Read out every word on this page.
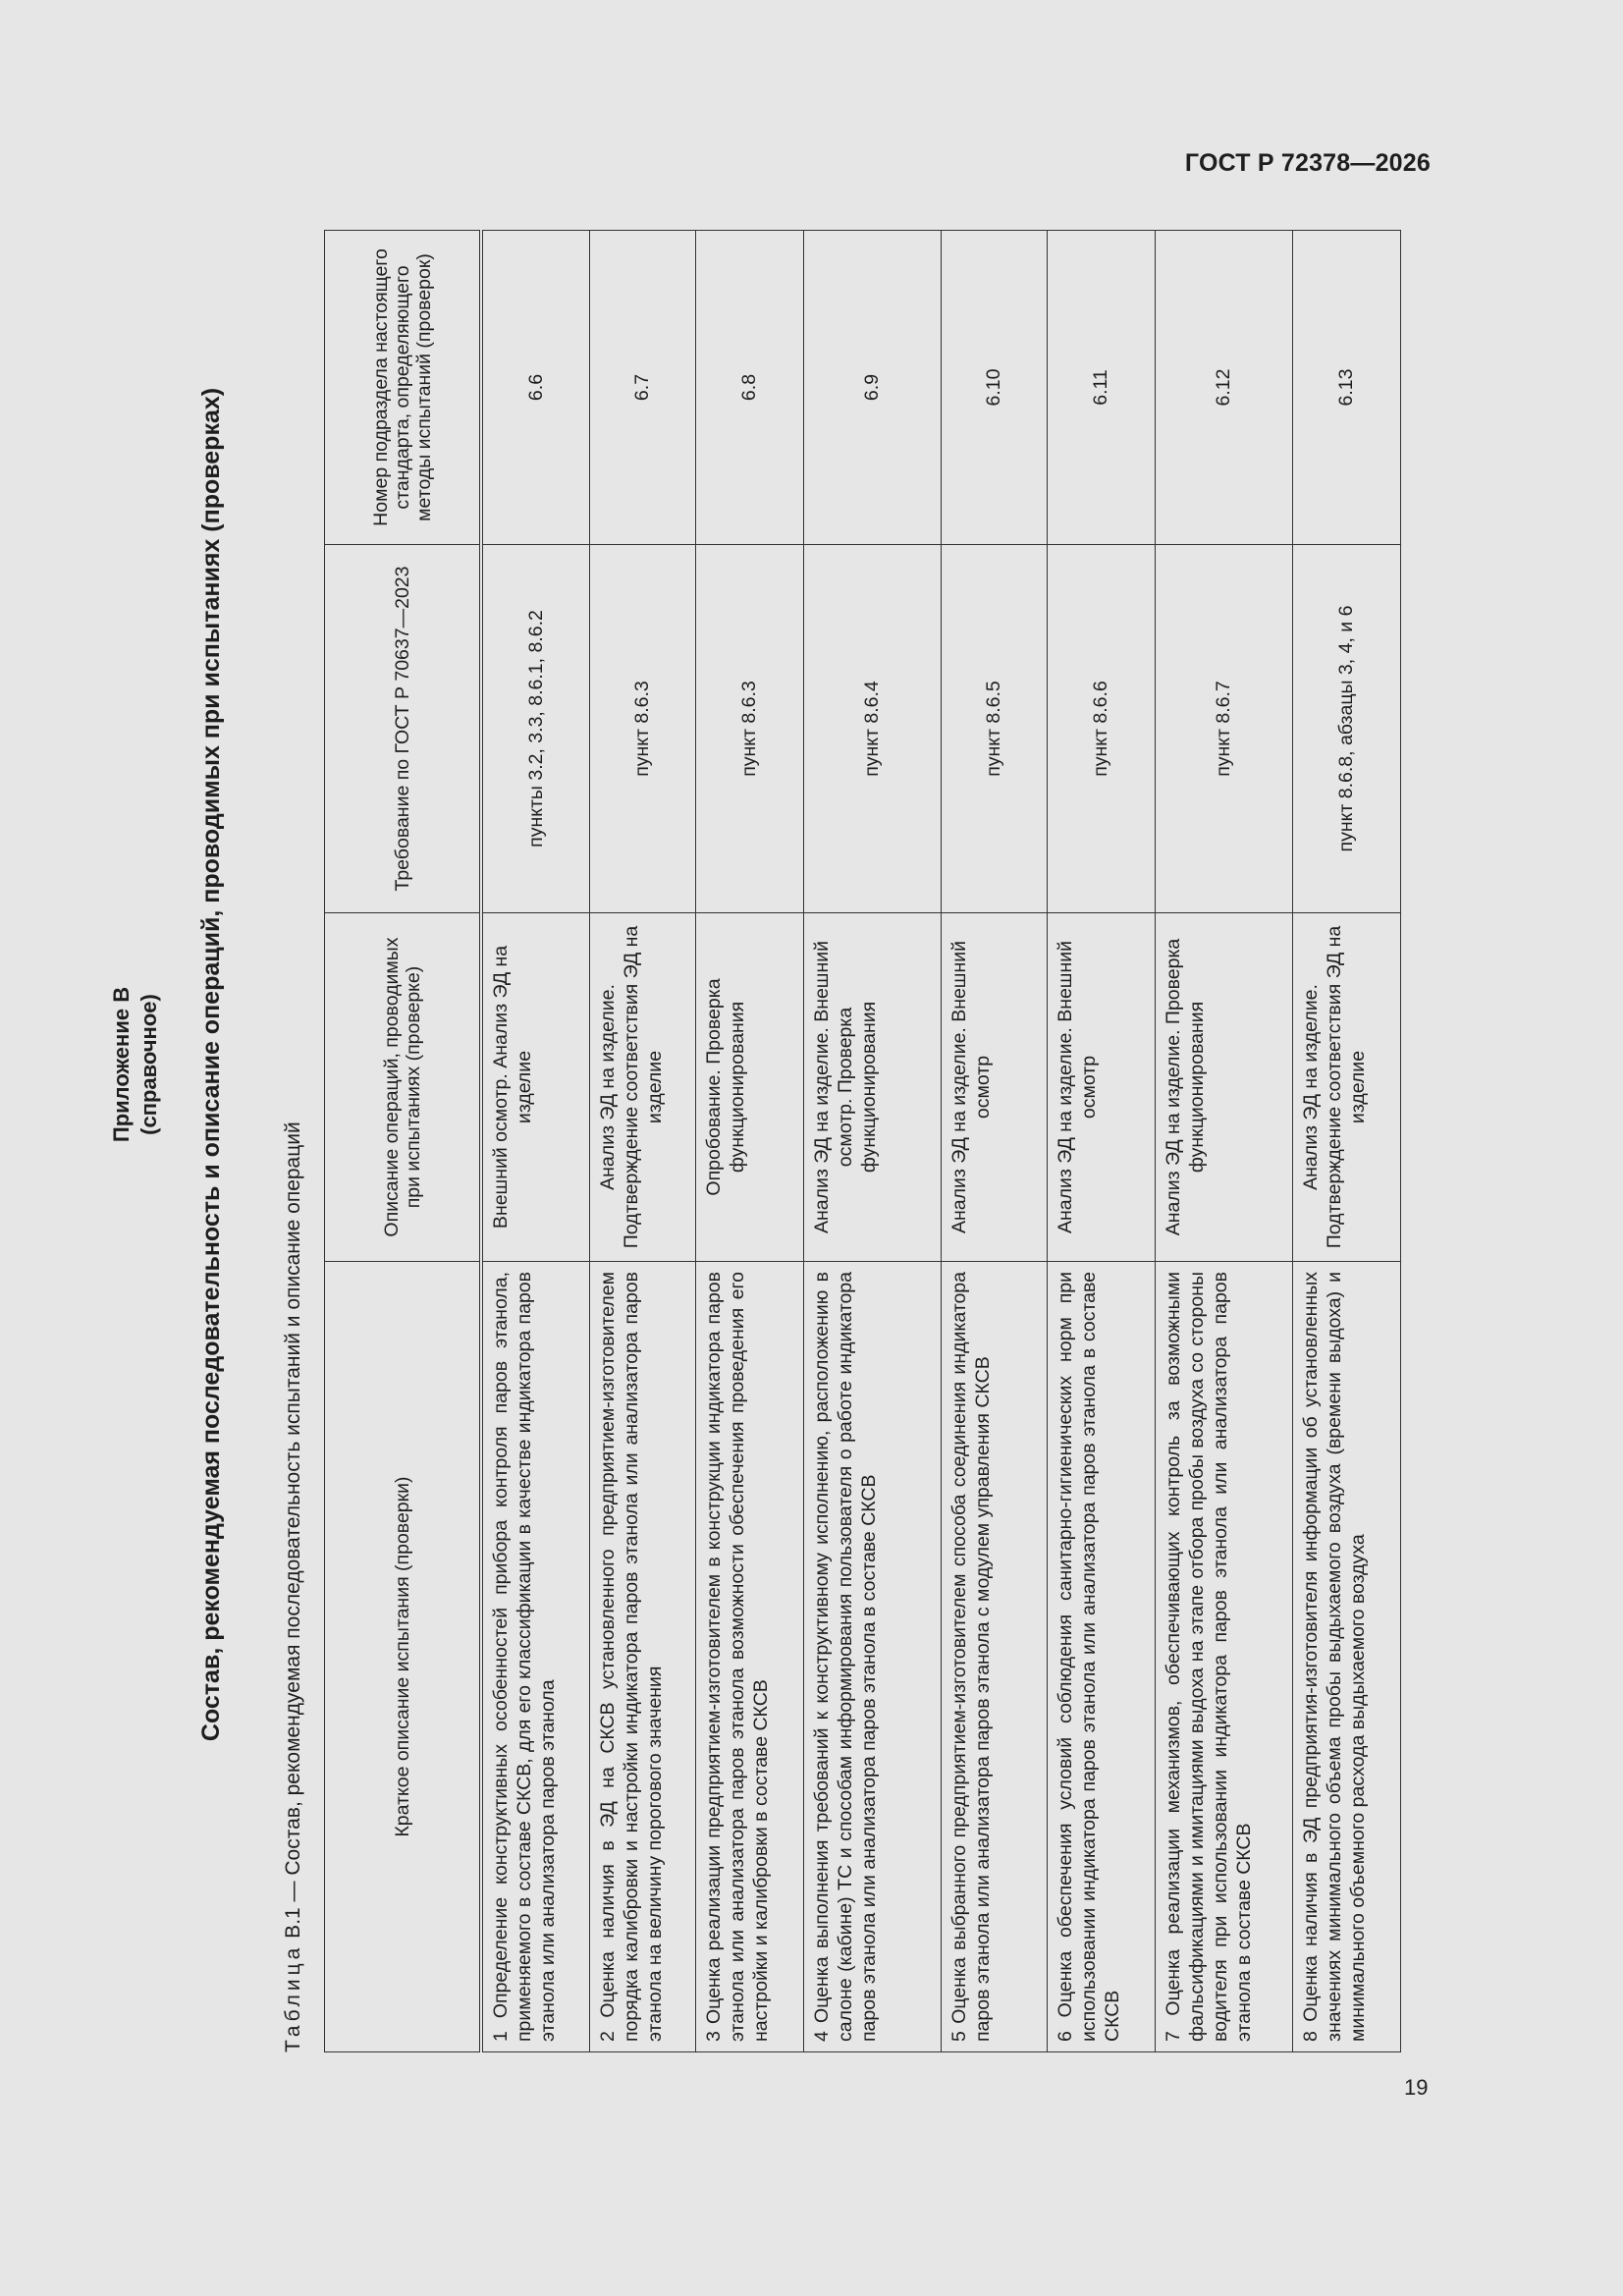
ГОСТ Р 72378—2026
19
Приложение В (справочное) Состав, рекомендуемая последовательность и описание операций, проводимых при испытаниях (проверках)
Таблица В.1 — Состав, рекомендуемая последовательность испытаний и описание операций	Краткое описание испытания (проверки)	Описание операций, проводимых при испытаниях (проверке)	Требование по ГОСТ Р 70637—2023	Номер подраздела настоящего стандарта, определяющего методы испытаний (проверок)
1 Определение конструктивных особенностей прибора контроля паров этанола, применяемого в составе СКСВ, для его классификации в качестве индикатора паров этанола или анализатора паров этанола	Внешний осмотр. Анализ ЭД на изделие	пункты 3.2, 3.3, 8.6.1, 8.6.2	6.6
2 Оценка наличия в ЭД на СКСВ установленного предприятием-изготовителем порядка калибровки и настройки индикатора паров этанола или анализатора паров этанола на величину порогового значения	Анализ ЭД на изделие. Подтверждение соответствия ЭД на изделие	пункт 8.6.3	6.7
3 Оценка реализации предприятием-изготовителем в конструкции индикатора паров этанола или анализатора паров этанола возможности обеспечения проведения его настройки и калибровки в составе СКСВ	Опробование. Проверка функционирования	пункт 8.6.3	6.8
4 Оценка выполнения требований к конструктивному исполнению, расположению в салоне (кабине) ТС и способам информирования пользователя о работе индикатора паров этанола или анализатора паров этанола в составе СКСВ	Анализ ЭД на изделие. Внешний осмотр. Проверка функционирования	пункт 8.6.4	6.9
5 Оценка выбранного предприятием-изготовителем способа соединения индикатора паров этанола или анализатора паров этанола с модулем управления СКСВ	Анализ ЭД на изделие. Внешний осмотр	пункт 8.6.5	6.10
6 Оценка обеспечения условий соблюдения санитарно-гигиенических норм при использовании индикатора паров этанола или анализатора паров этанола в составе СКСВ	Анализ ЭД на изделие. Внешний осмотр	пункт 8.6.6	6.11
7 Оценка реализации механизмов, обеспечивающих контроль за возможными фальсификациями и имитациями выдоха на этапе отбора пробы воздуха со стороны водителя при использовании индикатора паров этанола или анализатора паров этанола в составе СКСВ	Анализ ЭД на изделие. Проверка функционирования	пункт 8.6.7	6.12
8 Оценка наличия в ЭД предприятия-изготовителя информации об установленных значениях минимального объема пробы выдыхаемого воздуха (времени выдоха) и минимального объемного расхода выдыхаемого воздуха	Анализ ЭД на изделие. Подтверждение соответствия ЭД на изделие	пункт 8.6.8, абзацы 3, 4, и 6	6.13
